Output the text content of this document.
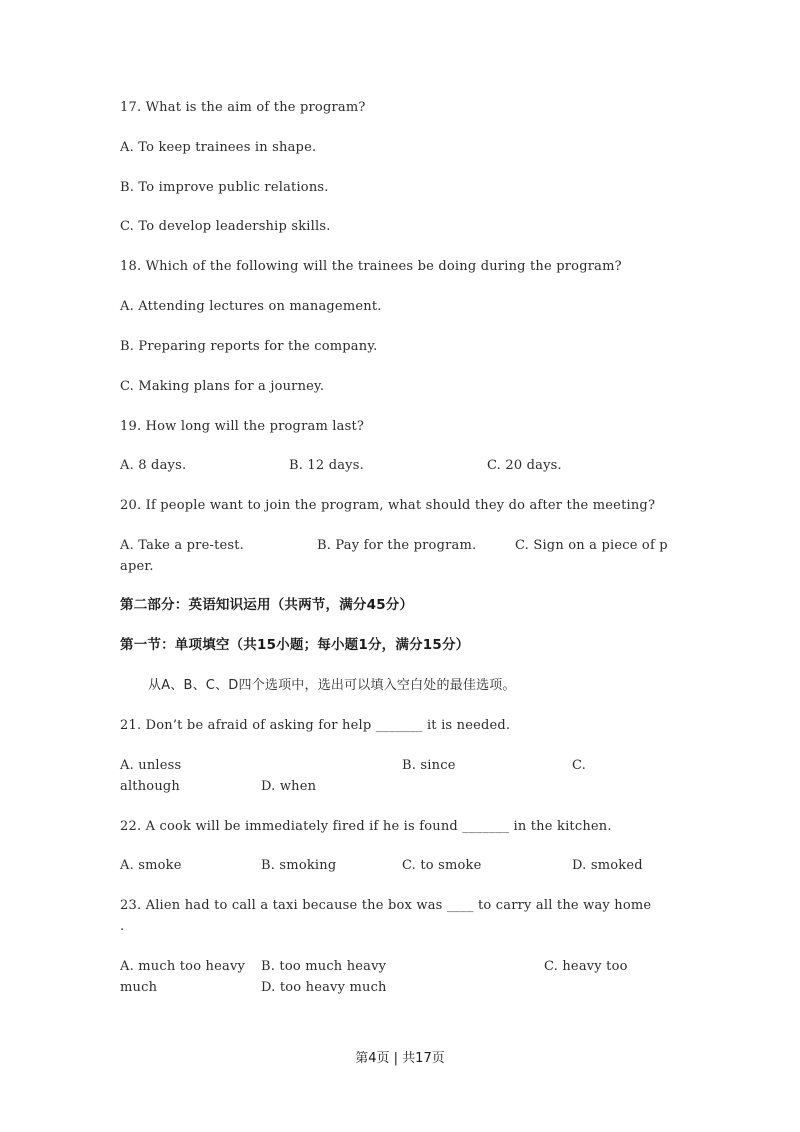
17. What is the aim of the program?
A. To keep trainees in shape.
B. To improve public relations.
C. To develop leadership skills.
18. Which of the following will the trainees be doing during the program?
A. Attending lectures on management.
B. Preparing reports for the company.
C. Making plans for a journey.
19. How long will the program last?
A. 8 days.	B. 12 days.	C. 20 days.
20. If people want to join the program, what should they do after the meeting?
A. Take a pre-test.	B. Pay for the program.	C. Sign on a piece of p
aper.
第二部分：英语知识运用（共两节，满分45分）
第一节：单项填空（共15小题；每小题1分，满分15分）
从A、B、C、D四个选项中，选出可以填入空白处的最佳选项。
21. Don’t be afraid of asking for help _______ it is needed.
A. unless	B. since	C.
although	D. when
22. A cook will be immediately fired if he is found _______ in the kitchen.
A. smoke	B. smoking	C. to smoke	D. smoked
23. Alien had to call a taxi because the box was ____ to carry all the way home
.
A. much too heavy B. too much heavy	C. heavy too
much	D. too heavy much
第4页 | 共17页
